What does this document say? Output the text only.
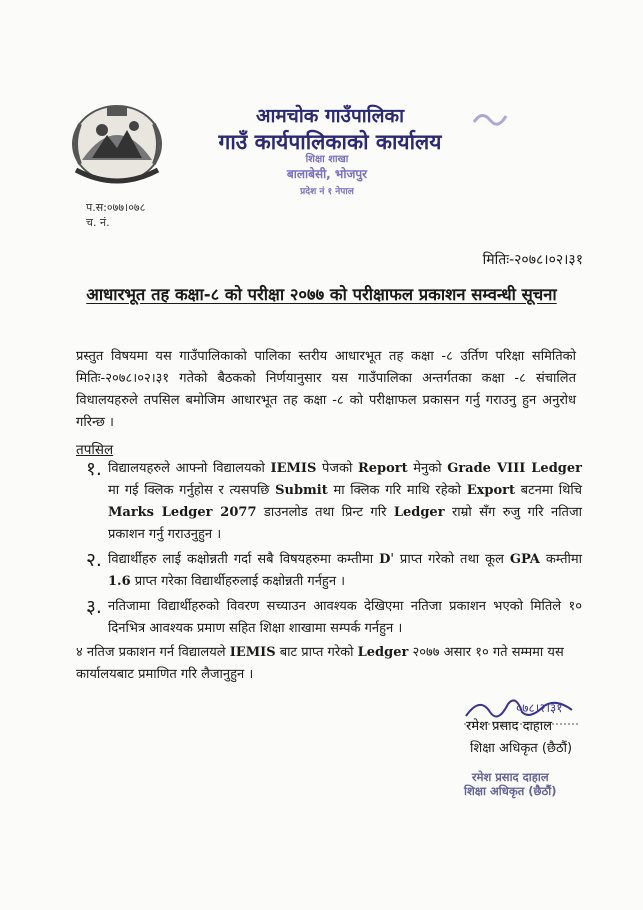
आमचोक गाउँपालिका
गाउँ कार्यपालिकाको कार्यालय
शिक्षा शाखा
बालाबेसी, भोजपुर
प्रदेश नं १ नेपाल
प.स:०७७।०७८
च. नं.
मितिः-२०७८।०२।३१
आधारभूत तह कक्षा-८ को परीक्षा २०७७ को परीक्षाफल प्रकाशन सम्वन्धी सूचना
प्रस्तुत विषयमा यस गाउँपालिकाको पालिका स्तरीय आधारभूत तह कक्षा -८ उर्तिण परिक्षा समितिको मितिः-२०७८।०२।३१ गतेको बैठकको निर्णयानुसार यस गाउँपालिका अन्तर्गतका कक्षा -८ संचालित विधालयहरुले तपसिल बमोजिम आधारभूत तह कक्षा -८ को परीक्षाफल प्रकासन गर्नु गराउनु हुन अनुरोध गरिन्छ ।
तपसिल
१. विद्यालयहरुले आफ्नो विद्यालयको IEMIS पेजको Report मेनुको Grade VIII Ledger मा गई क्लिक गर्नुहोस र त्यसपछि Submit मा क्लिक गरि माथि रहेको Export बटनमा थिचि Marks Ledger 2077 डाउनलोड तथा प्रिन्ट गरि Ledger राम्रो सँग रुजु गरि नतिजा प्रकाशन गर्नु गराउनुहुन ।
२. विद्यार्थीहरु लाई कक्षोन्नती गर्दा सबै विषयहरुमा कम्तीमा D' प्राप्त गरेको तथा कूल GPA कम्तीमा 1.6 प्राप्त गरेका विद्यार्थीहरुलाई कक्षोन्नती गर्नहुन ।
३. नतिजामा विद्यार्थीहरुको विवरण सच्याउन आवश्यक देखिएमा नतिजा प्रकाशन भएको मितिले १० दिनभित्र आवश्यक प्रमाण सहित शिक्षा शाखामा सम्पर्क गर्नहुन ।
४ नतिज प्रकाशन गर्न विद्यालयले IEMIS बाट प्राप्त गरेको Ledger २०७७ असार १० गते सम्ममा यस कार्यालयबाट प्रमाणित गरि लैजानुहुन ।
०७८।२।३१
रमेश प्रसाद दाहाल
शिक्षा अधिकृत (छैठौं)
रमेश प्रसाद दाहाल
शिक्षा अधिकृत (छैठौं)
